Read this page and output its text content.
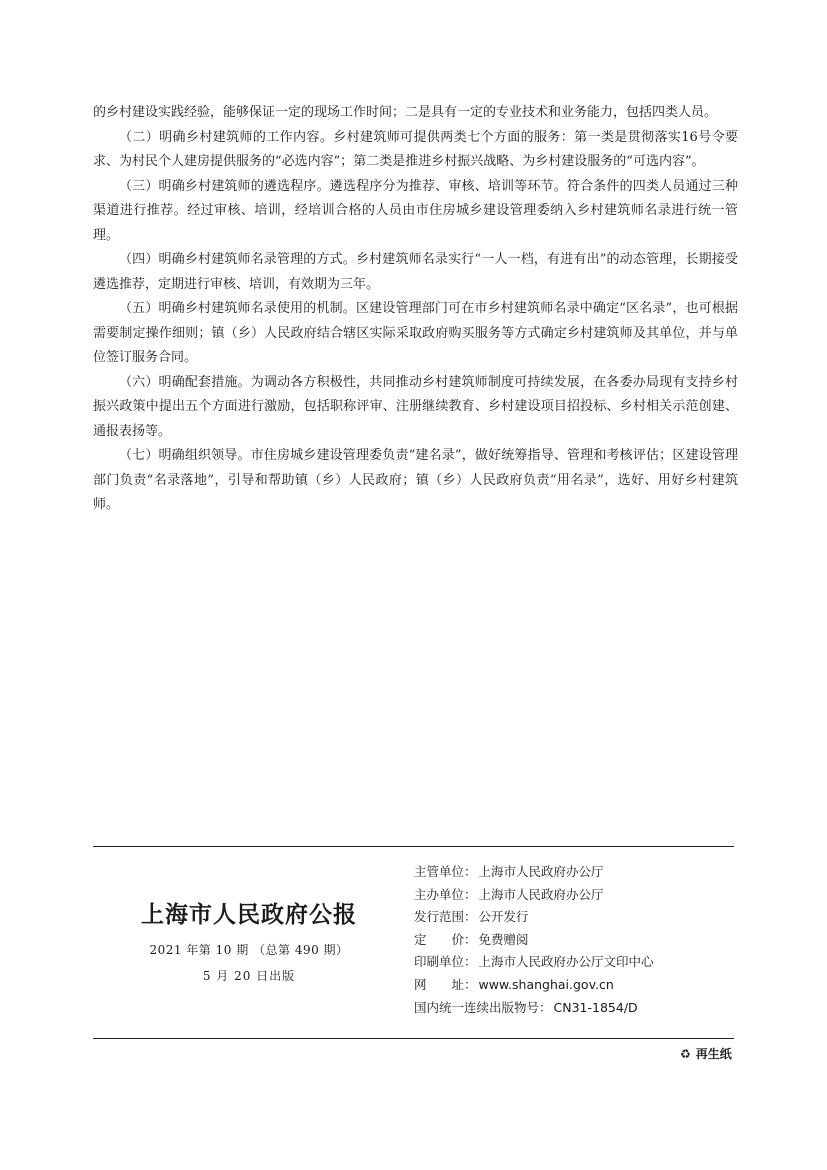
的乡村建设实践经验，能够保证一定的现场工作时间；二是具有一定的专业技术和业务能力，包括四类人员。

（二）明确乡村建筑师的工作内容。乡村建筑师可提供两类七个方面的服务：第一类是贯彻落实16号令要求、为村民个人建房提供服务的“必选内容”；第二类是推进乡村振兴战略、为乡村建设服务的“可选内容”。

（三）明确乡村建筑师的遴选程序。遴选程序分为推荐、审核、培训等环节。符合条件的四类人员通过三种渠道进行推荐。经过审核、培训，经培训合格的人员由市住房城乡建设管理委纳入乡村建筑师名录进行统一管理。

（四）明确乡村建筑师名录管理的方式。乡村建筑师名录实行“一人一档，有进有出”的动态管理，长期接受遴选推荐，定期进行审核、培训，有效期为三年。

（五）明确乡村建筑师名录使用的机制。区建设管理部门可在市乡村建筑师名录中确定“区名录”，也可根据需要制定操作细则；镇（乡）人民政府结合辖区实际采取政府购买服务等方式确定乡村建筑师及其单位，并与单位签订服务合同。

（六）明确配套措施。为调动各方积极性，共同推动乡村建筑师制度可持续发展，在各委办局现有支持乡村振兴政策中提出五个方面进行激励，包括职称评审、注册继续教育、乡村建设项目招投标、乡村相关示范创建、通报表扬等。

（七）明确组织领导。市住房城乡建设管理委负责“建名录”，做好统筹指导、管理和考核评估；区建设管理部门负责“名录落地”，引导和帮助镇（乡）人民政府；镇（乡）人民政府负责“用名录”，选好、用好乡村建筑师。

上海市人民政府公报
2021 年第 10 期 （总第 490 期）
5 月 20 日出版
主管单位： 上海市人民政府办公厅
主办单位： 上海市人民政府办公厅
发行范围： 公开发行
定　　价： 免费赠阅
印刷单位： 上海市人民政府办公厅文印中心
网　　址： www.shanghai.gov.cn
国内统一连续出版物号： CN31-1854/D
♻ 再生纸
